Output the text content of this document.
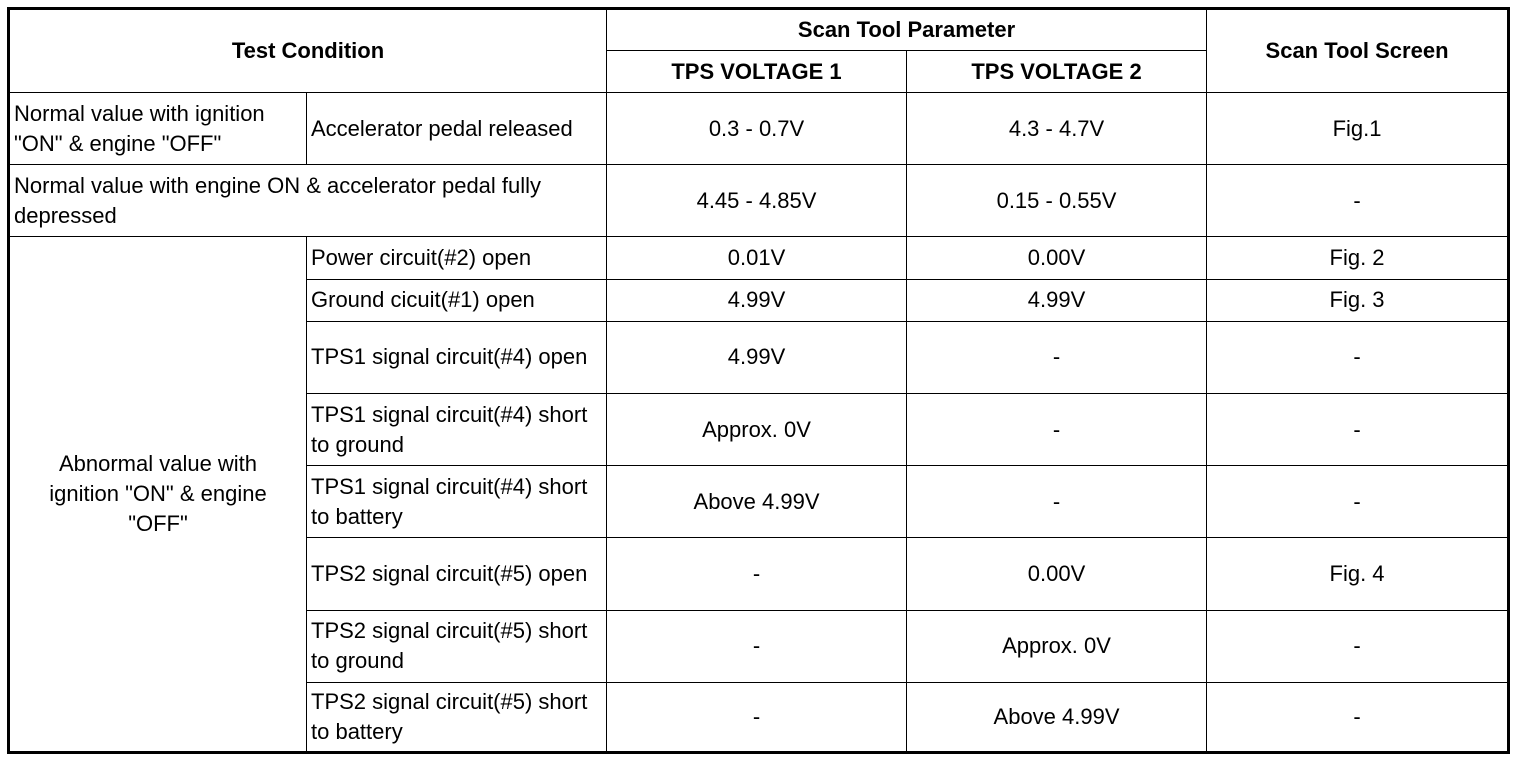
Test Condition		Scan Tool Parameter		Scan Tool Screen
		TPS VOLTAGE 1	TPS VOLTAGE 2	
Normal value with ignition "ON" & engine "OFF"	Accelerator pedal released	0.3 - 0.7V	4.3 - 4.7V	Fig.1
Normal value with engine ON & accelerator pedal fully depressed		4.45 - 4.85V	0.15 - 0.55V	-
Abnormal value with ignition "ON" & engine "OFF"	Power circuit(#2) open	0.01V	0.00V	Fig. 2
	Ground cicuit(#1) open	4.99V	4.99V	Fig. 3
	TPS1 signal circuit(#4) open	4.99V	-	-
	TPS1 signal circuit(#4) short to ground	Approx. 0V	-	-
	TPS1 signal circuit(#4) short to battery	Above 4.99V	-	-
	TPS2 signal circuit(#5) open	-	0.00V	Fig. 4
	TPS2 signal circuit(#5) short to ground	-	Approx. 0V	-
	TPS2 signal circuit(#5) short to battery	-	Above 4.99V	-
